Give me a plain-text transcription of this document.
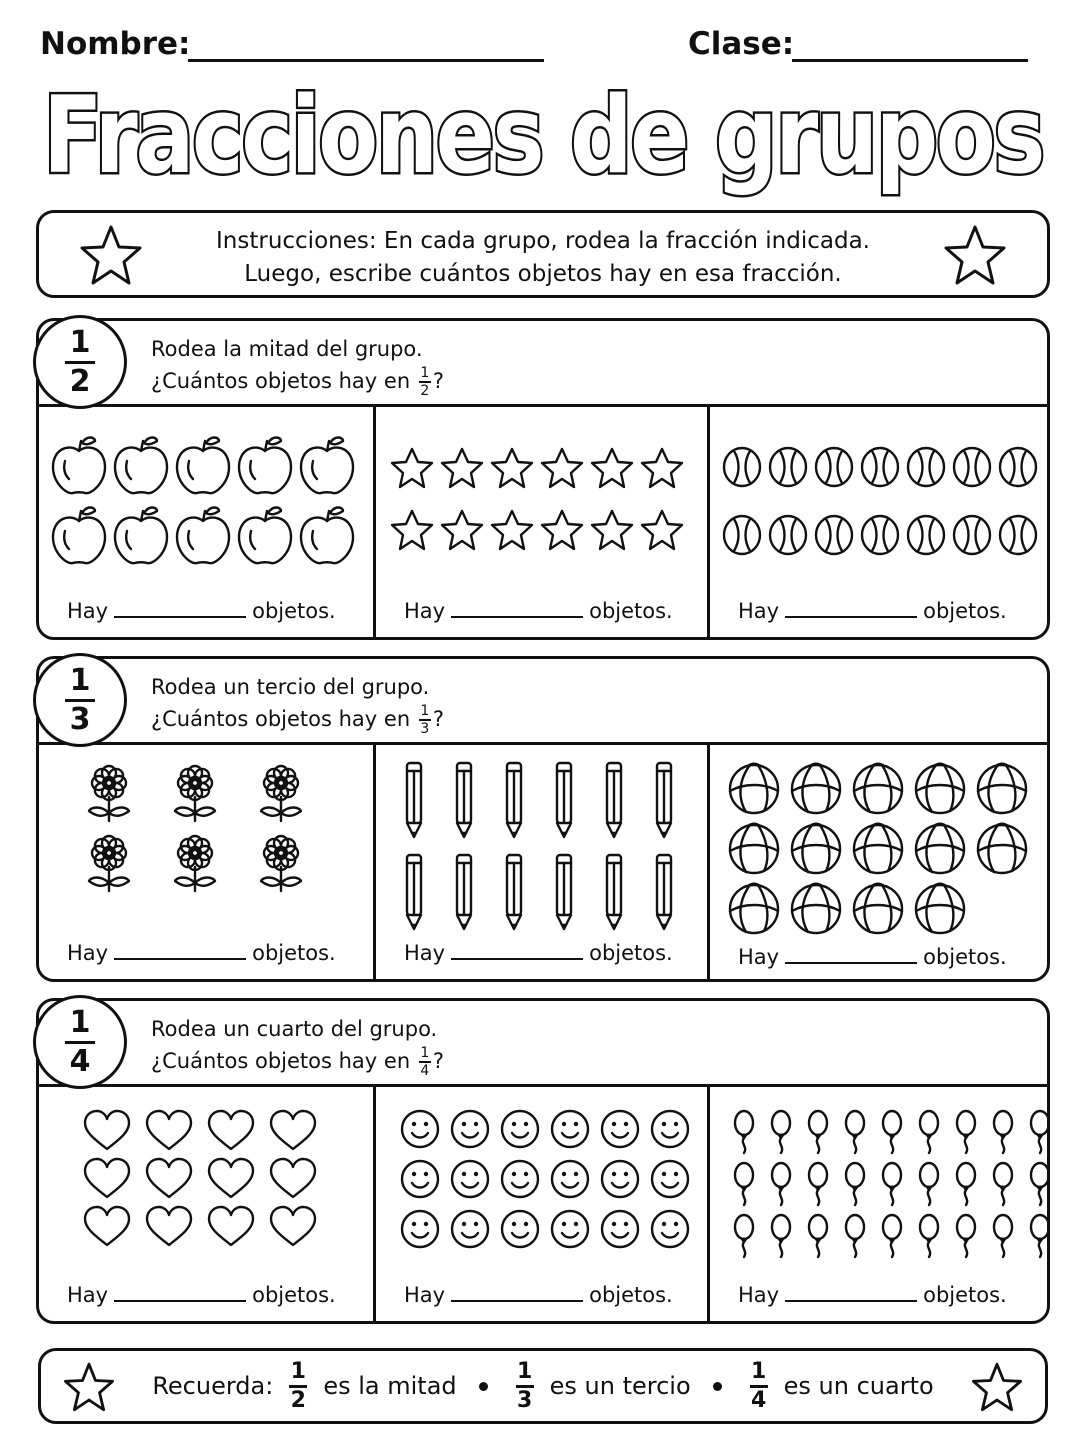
Nombre:	Clase:
Fracciones de grupos
Instrucciones: En cada grupo, rodea la fracción indicada.
Luego, escribe cuántos objetos hay en esa fracción.
1
2
Rodea la mitad del grupo.
¿Cuántos objetos hay en $\frac{1}{2}$ ?
Hay	objetos.	Hay	objetos.	Hay	objetos.
1
3
Rodea un tercio del grupo.
¿Cuántos objetos hay en $\frac{1}{3}$ ?
Hay	objetos.	Hay	objetos.	Hay	objetos.
1
4
Rodea un cuarto del grupo.
¿Cuántos objetos hay en $\frac{1}{4}$ ?
Hay	objetos.	Hay	objetos.	Hay	objetos.
Recuerda:
1
2 es la mitad
1
3 es un tercio
1
4 es un cuarto
